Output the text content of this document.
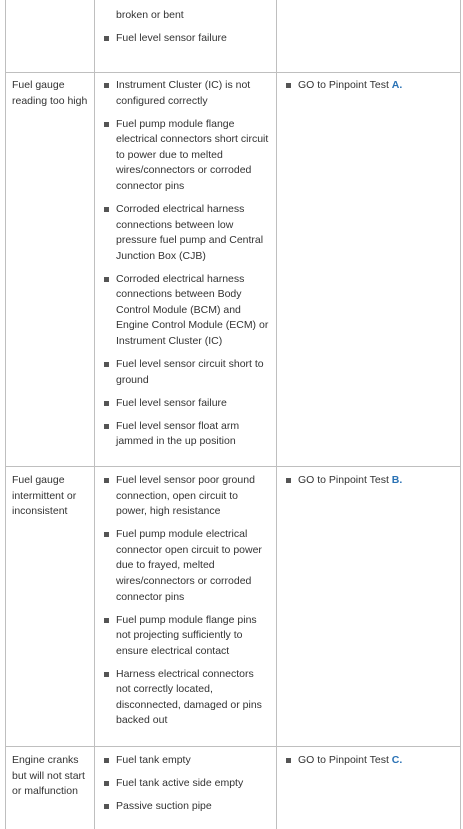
broken or bent
Fuel level sensor failure
Fuel gauge reading too high
Instrument Cluster (IC) is not configured correctly
Fuel pump module flange electrical connectors short circuit to power due to melted wires/connectors or corroded connector pins
Corroded electrical harness connections between low pressure fuel pump and Central Junction Box (CJB)
Corroded electrical harness connections between Body Control Module (BCM) and Engine Control Module (ECM) or Instrument Cluster (IC)
Fuel level sensor circuit short to ground
Fuel level sensor failure
Fuel level sensor float arm jammed in the up position
GO to Pinpoint Test A.
Fuel gauge intermittent or inconsistent
Fuel level sensor poor ground connection, open circuit to power, high resistance
Fuel pump module electrical connector open circuit to power due to frayed, melted wires/connectors or corroded connector pins
Fuel pump module flange pins not projecting sufficiently to ensure electrical contact
Harness electrical connectors not correctly located, disconnected, damaged or pins backed out
GO to Pinpoint Test B.
Engine cranks but will not start or malfunction
Fuel tank empty
Fuel tank active side empty
Passive suction pipe
GO to Pinpoint Test C.
